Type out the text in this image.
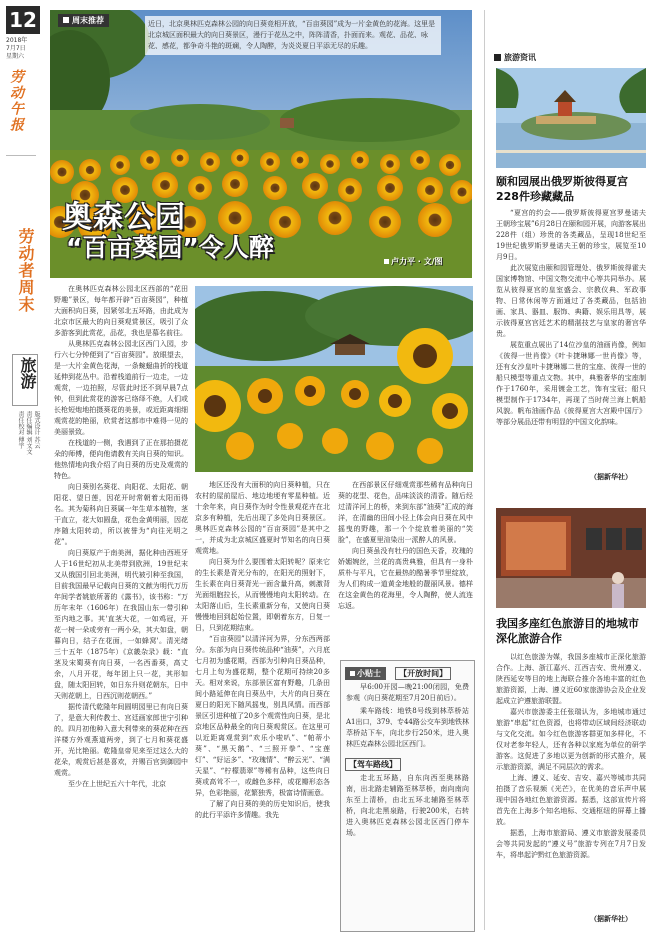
12
2018年
7月7日
星期六
劳动午报
劳动者周末
旅游
版式设计 苏云
责任编辑 刘文文
责任校对 傅宇
周末推荐	近日，北京奥林匹克森林公园的向日葵竞相开放，“百亩葵园”成为一片金黄色的花海。这里是北京城区面积最大的向日葵景区，漫行于花丛之中，阵阵清香，扑面而来。观花、品花、咏花、感花，都争奇斗艳的斑斓，令人陶醉，为炎炎夏日平添无尽的乐趣。
奥森公园
“百亩葵园”令人醉	卢力平 · 文/图

在奥林匹克森林公园北区西部的“花田野趣”景区，每年都开辟“百亩葵园”，种植大面积向日葵，因紧邻北五环路，由此成为北京市区最大的向日葵观赏景区，吸引了众多游客到此赏花，品花，我也是慕名前往。

从奥林匹克森林公园北区西门入园，步行六七分钟便到了“百亩葵园”。放眼望去，是一大片金黄色花海，一条蜿蜒曲折的栈道延伸到花丛中。沿着栈道前行一边走，一边观赏，一边拍照，尽管此时还不到早晨7点钟，但到此赏花的游客已络绎不绝，人们或长枪短炮地拍摄葵花的美景，或近距离细细观赏花的艳丽，欣赏者这都市中难得一见的美丽景致。

在栈道的一侧，我遇到了正在那拍摄花朵的师傅，便向他请教有关向日葵的知识。他热情地向我介绍了向日葵的历史及观赏的特色。

向日葵别名葵花、向阳花、太阳花、朝阳花、望日莲，因花开时常朝着太阳而得名。其为菊科向日葵属一年生草本植物，茎干直立，花大如圆盘，花色金黄明丽，因花序随太阳转动，所以被誉为“向往光明之花”。

向日葵原产于南美洲，据化种由西班牙人于16世纪初从北美带到欧洲，19世纪末又从俄国引回北美洲，明代被引种至我国，目前我国最早记载向日葵的文献为明代万历年间学者姚旅所著的《露书》，该书称：“万历年末年（1606年）在我国山东一带引种至内地之事。其'直茎大花，一如鸡冠，开花一树一朵或旁有一两小朵，其大如盘，朝暮向日，结子在花面，一如蜂窝'。清光绪三十五年（1875年）《京畿杂录》载：“直茎及宋蜀葵有向日葵，一名西番葵，高丈余，八月开花，每年团上只一花，其形如盘，随太阳回转，如日东升则花朝东，日中天则花朝上，日西沉则花朝西。”

据传清代乾隆年间圆明园里已有向日葵了，是意大利传教士、宫廷画家郎世宁引种的。四月初他种入意大利带来的葵花种在西洋楼方外观燕道两旁，到了七月和葵花盛开，光比艳丽。乾隆皇帝见来至过这么大的花朵，观赏后甚是喜欢，并赐百官到御园中观赏。

至少在上世纪五六十年代，北京

地区还没有大面积的向日葵种植，只在农村的屋前屋后、地边地埂有零星种植。近十余年来，向日葵作为时令性景观花卉在北京多有种植，先后出现了多处向日葵景区。奥林匹克森林公园的“百亩葵园”是其中之一，并成为北京城区盛夏时节知名的向日葵观赏地。

向日葵为什么要围着太阳转呢？原来它的生长素是背光分布的，在阳光的照射下，生长素在向日葵背光一面含量升高，刺激背光面细胞拉长，从而慢慢地向太阳转动。在太阳落山后，生长素重新分布，又使向日葵慢慢地回到起始位置，即朝着东方，日复一日，只到花期结束。

“百亩葵园”以清洋河为界，分东西两部分。东部为向日葵传统品种“油葵”，六月底七月初为盛花期，西部为引种向日葵品种，七月上旬为盛花期，整个花期可持续20多天。相对来说，东部景区富有野趣，几条田间小路延伸在向日葵丛中，大片的向日葵在夏日的阳光下随风摇曳，别具风情。而西部景区引进种植了20多个观赏性向日葵，是北京地区品种最全的向日葵观赏区。在这里可以近距离观赏到“欢乐小啦叭”、“帕蒂小葵”、“黑天鹅”、“三照开拳”、“宝莲灯”、“好运多”、“玫瑰情”、“醉云光”、“满天星”、“柠檬翡翠”等稀有品种，这些向日葵或高耸不一，或雌色多样，或花瓣形态各异，色彩艳丽，花繁独秀，极富诗情画意。

了解了向日葵的美的历史知识后，使我的此行平添许多情趣。我先

在西部景区仔细观赏那些稀有品种向日葵的花型、花色，品味淡淡的清香。随后经过清洋河上的桥，来到东部“油葵”汇成的海洋，在清幽的田间小径上体会向日葵在风中摇曳的野趣，那一个个绽放着美丽的“笑脸”，在盛夏里渲染出一派醉人的风景。

向日葵虽没有牡丹的国色天香，玫瑰的娇媚婉丝，兰花的高贵典雅，但具有一身朴质朴与平凡，它在最热的酷暑季节里绽放，为人们构成一道黄金地般的靓丽风景。德样在这金黄色的花海里，令人陶醉，使人流连忘返。

小贴士 【开放时间】
早6:00开园—晚21:00闭园，免费参观（向日葵花期至7月20日前后）。
乘车路线：地铁8号线到林萃桥站A1出口，379、专44路公交车到地铁林萃桥站下车，向北步行250米，进入奥林匹克森林公园北区西门。
【驾车路线】
走北五环路，自东向西至奥林路南，出北路走辅路至林萃桥，南向南向东至上清桥，由北五环北辅路至林萃桥，向北走黑泉路，行驶200米，右转进入奥林匹克森林公园北区西门停车场。
旅游资讯
颐和园展出俄罗斯彼得夏宫228件珍藏藏品

“夏宫的约会——俄罗斯彼得夏宫罗曼诺夫王朝珍宝展”6月28日在颐和园开展，向游客展出228件（组）珍贵的各类藏品，呈现18世纪至19世纪俄罗斯罗曼诺夫王朝的珍宝，展览至10月9日。

此次展览由颐和园管理处、俄罗斯彼得霍夫国家博物馆、中国文物交流中心等共同举办。展览从彼得夏宫的皇室盛会、宗教仪典、军政事物、日常休闲等方面通过了各类藏品，包括油画、家具、器皿、服饰、典籍、娱乐用具等，展示彼得夏宫宫廷艺术的精湛技艺与皇家的奢宫华贵。

展览重点展出了14位沙皇的油画肖像，例如《彼得一世肖像》《叶卡捷琳娜一世肖像》等，还有女沙皇叶卡捷琳娜二世的宝座、彼得一世的船只模型等重点文物。其中，典雅奢华的宝座制作于1760年，采用镀金工艺，饰有宝冠；船只模型制作于1734年，再现了当时荷兰海上帆船风貌。帆布油画作品《彼得夏宫大宫殿中国厅》等部分展品还带有明显的中国文化韵味。

（据新华社）
我国多座红色旅游目的地城市深化旅游合作

以红色旅游为媒，我国多座城市正深化旅游合作。上海、浙江嘉兴、江西吉安、贵州遵义、陕西延安等目的地上海联合推介各地丰富的红色旅游资源，上海、遵义近60家旅游协会及企业发起成立沪遵旅游联盟。

嘉兴市旅游委主任张瑞认为，多地城市通过旅游“串起”红色资源，也将带动区域间经济联动与文化交流。如今红色旅游客群更加多样化，不仅对老参年轻人，还有各种以家庭为单位的研学游客。这促进了多地以更为创新的形式推介，展示旅游资源，满足不同层次的需求。

上海、遵义、延安、吉安、嘉兴等城市共同拍摄了音乐视频《光芒》，在优美的音乐声中展现中国各地红色旅游资源。据悉，这部宣传片将首先在上海多个知名地标、交通枢纽的屏幕上播放。

据悉，上海市旅游局、遵义市旅游发展委员会等共同发起的“遵义号”旅游专列在7月7日发车，将串起沪黔红色旅游资源。

（据新华社）
